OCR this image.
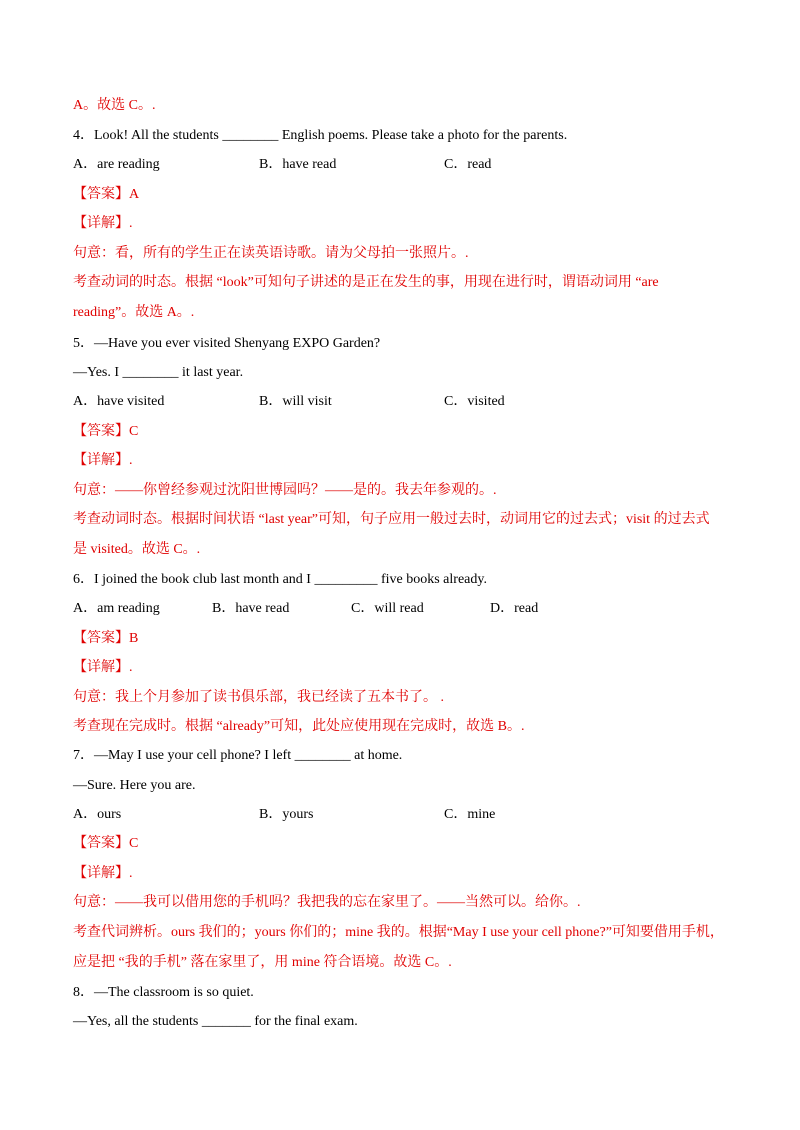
A。故选 C。.
4．Look! All the students ________ English poems. Please take a photo for the parents.
A．are reading	B．have read	C．read
【答案】A
【详解】.
句意：看，所有的学生正在读英语诗歌。请为父母拍一张照片。.
考查动词的时态。根据 “look”可知句子讲述的是正在发生的事，用现在进行时，谓语动词用 “are
reading”。故选 A。.
5．—Have you ever visited Shenyang EXPO Garden?
—Yes. I ________ it last year.
A．have visited	B．will visit	C．visited
【答案】C
【详解】.
句意：——你曾经参观过沈阳世博园吗？——是的。我去年参观的。.
考查动词时态。根据时间状语 “last year”可知，句子应用一般过去时，动词用它的过去式；visit 的过去式
是 visited。故选 C。.
6．I joined the book club last month and I _________ five books already.
A．am reading	B．have read	C．will read	D．read
【答案】B
【详解】.
句意：我上个月参加了读书俱乐部，我已经读了五本书了。 .
考查现在完成时。根据 “already”可知，此处应使用现在完成时，故选 B。.
7．—May I use your cell phone? I left ________ at home.
—Sure. Here you are.
A．ours	B．yours	C．mine
【答案】C
【详解】.
句意：——我可以借用您的手机吗？我把我的忘在家里了。——当然可以。给你。.
考查代词辨析。ours 我们的；yours 你们的；mine 我的。根据“May I use your cell phone?”可知要借用手机，
应是把 “我的手机” 落在家里了，用 mine 符合语境。故选 C。.
8．—The classroom is so quiet.
—Yes, all the students _______ for the final exam.
